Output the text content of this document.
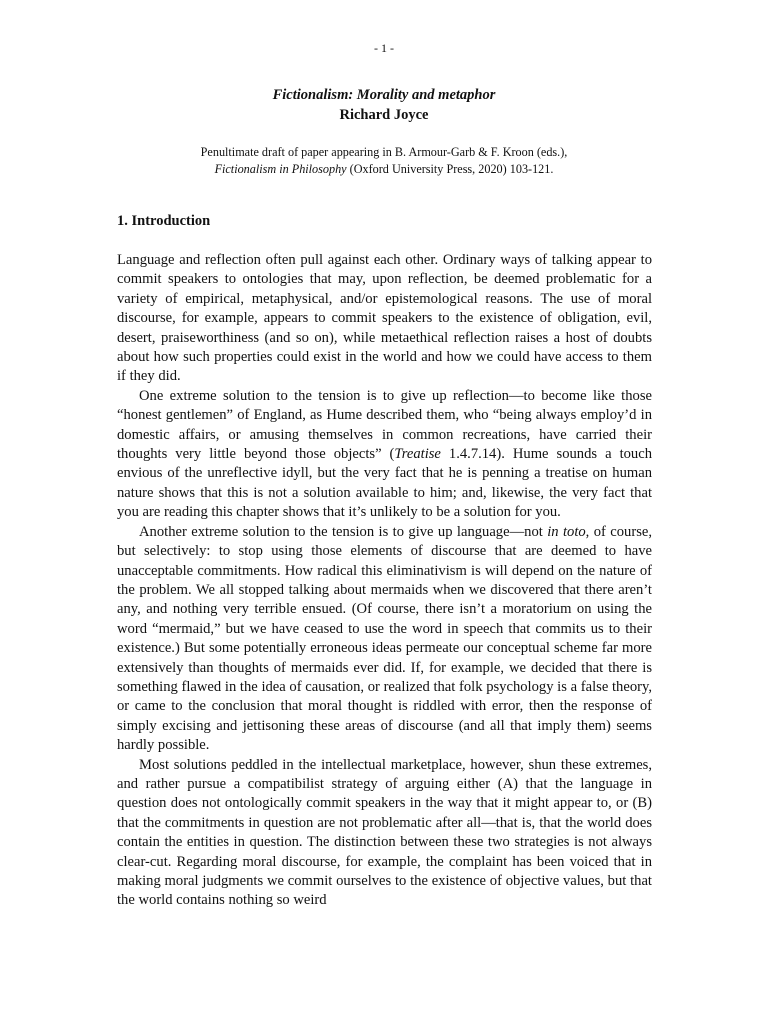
- 1 -
Fictionalism: Morality and metaphor
Richard Joyce
Penultimate draft of paper appearing in B. Armour-Garb & F. Kroon (eds.),
Fictionalism in Philosophy (Oxford University Press, 2020) 103-121.
1. Introduction

Language and reflection often pull against each other. Ordinary ways of talking appear to commit speakers to ontologies that may, upon reflection, be deemed problematic for a variety of empirical, metaphysical, and/or epistemological reasons. The use of moral discourse, for example, appears to commit speakers to the existence of obligation, evil, desert, praiseworthiness (and so on), while metaethical reflection raises a host of doubts about how such properties could exist in the world and how we could have access to them if they did.

One extreme solution to the tension is to give up reflection—to become like those “honest gentlemen” of England, as Hume described them, who “being always employ’d in domestic affairs, or amusing themselves in common recreations, have carried their thoughts very little beyond those objects” (Treatise 1.4.7.14). Hume sounds a touch envious of the unreflective idyll, but the very fact that he is penning a treatise on human nature shows that this is not a solution available to him; and, likewise, the very fact that you are reading this chapter shows that it’s unlikely to be a solution for you.

Another extreme solution to the tension is to give up language—not in toto, of course, but selectively: to stop using those elements of discourse that are deemed to have unacceptable commitments. How radical this eliminativism is will depend on the nature of the problem. We all stopped talking about mermaids when we discovered that there aren’t any, and nothing very terrible ensued. (Of course, there isn’t a moratorium on using the word “mermaid,” but we have ceased to use the word in speech that commits us to their existence.) But some potentially erroneous ideas permeate our conceptual scheme far more extensively than thoughts of mermaids ever did. If, for example, we decided that there is something flawed in the idea of causation, or realized that folk psychology is a false theory, or came to the conclusion that moral thought is riddled with error, then the response of simply excising and jettisoning these areas of discourse (and all that imply them) seems hardly possible.

Most solutions peddled in the intellectual marketplace, however, shun these extremes, and rather pursue a compatibilist strategy of arguing either (A) that the language in question does not ontologically commit speakers in the way that it might appear to, or (B) that the commitments in question are not problematic after all—that is, that the world does contain the entities in question. The distinction between these two strategies is not always clear-cut. Regarding moral discourse, for example, the complaint has been voiced that in making moral judgments we commit ourselves to the existence of objective values, but that the world contains nothing so weird
